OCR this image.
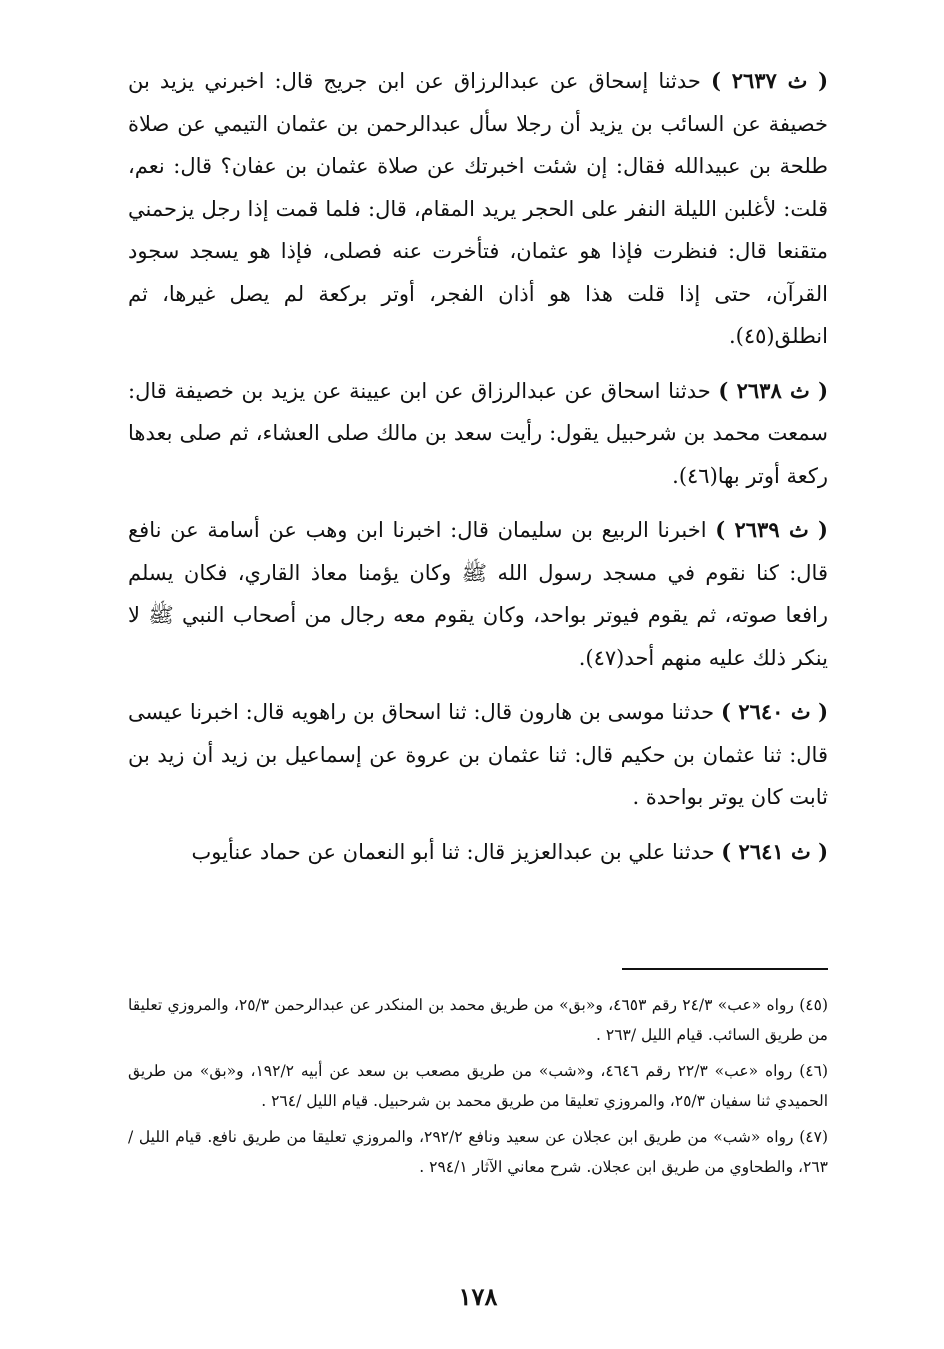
( ث ٢٦٣٧ ) حدثنا إسحاق عن عبدالرزاق عن ابن جريج قال: اخبرني يزيد بن خصيفة عن السائب بن يزيد أن رجلا سأل عبدالرحمن بن عثمان التيمي عن صلاة طلحة بن عبيدالله فقال: إن شئت اخبرتك عن صلاة عثمان بن عفان؟ قال: نعم، قلت: لأغلبن الليلة النفر على الحجر يريد المقام، قال: فلما قمت إذا رجل يزحمني متقنعا قال: فنظرت فإذا هو عثمان، فتأخرت عنه فصلى، فإذا هو يسجد سجود القرآن، حتى إذا قلت هذا هو أذان الفجر، أوتر بركعة لم يصل غيرها، ثم انطلق(٤٥).

( ث ٢٦٣٨ ) حدثنا اسحاق عن عبدالرزاق عن ابن عيينة عن يزيد بن خصيفة قال: سمعت محمد بن شرحبيل يقول: رأيت سعد بن مالك صلى العشاء، ثم صلى بعدها ركعة أوتر بها(٤٦).

( ث ٢٦٣٩ ) اخبرنا الربيع بن سليمان قال: اخبرنا ابن وهب عن أسامة عن نافع قال: كنا نقوم في مسجد رسول الله ﷺ وكان يؤمنا معاذ القاري، فكان يسلم رافعا صوته، ثم يقوم فيوتر بواحد، وكان يقوم معه رجال من أصحاب النبي ﷺ لا ينكر ذلك عليه منهم أحد(٤٧).

( ث ٢٦٤٠ ) حدثنا موسى بن هارون قال: ثنا اسحاق بن راهويه قال: اخبرنا عيسى قال: ثنا عثمان بن حكيم قال: ثنا عثمان بن عروة عن إسماعيل بن زيد أن زيد بن ثابت كان يوتر بواحدة .

( ث ٢٦٤١ ) حدثنا علي بن عبدالعزيز قال: ثنا أبو النعمان عن حماد عنأيوب

(٤٥) رواه «عب» ٢٤/٣ رقم ٤٦٥٣، و«بق» من طريق محمد بن المنكدر عن عبدالرحمن ٢٥/٣، والمروزي تعليقا من طريق السائب. قيام الليل /٢٦٣ .

(٤٦) رواه «عب» ٢٢/٣ رقم ٤٦٤٦، و«شب» من طريق مصعب بن سعد عن أبيه ١٩٢/٢، و«بق» من طريق الحميدي ثنا سفيان ٢٥/٣، والمروزي تعليقا من طريق محمد بن شرحبيل. قيام الليل /٢٦٤ .

(٤٧) رواه «شب» من طريق ابن عجلان عن سعيد ونافع ٢٩٢/٢، والمروزي تعليقا من طريق نافع. قيام الليل /٢٦٣، والطحاوي من طريق ابن عجلان. شرح معاني الآثار ٢٩٤/١ .

١٧٨
